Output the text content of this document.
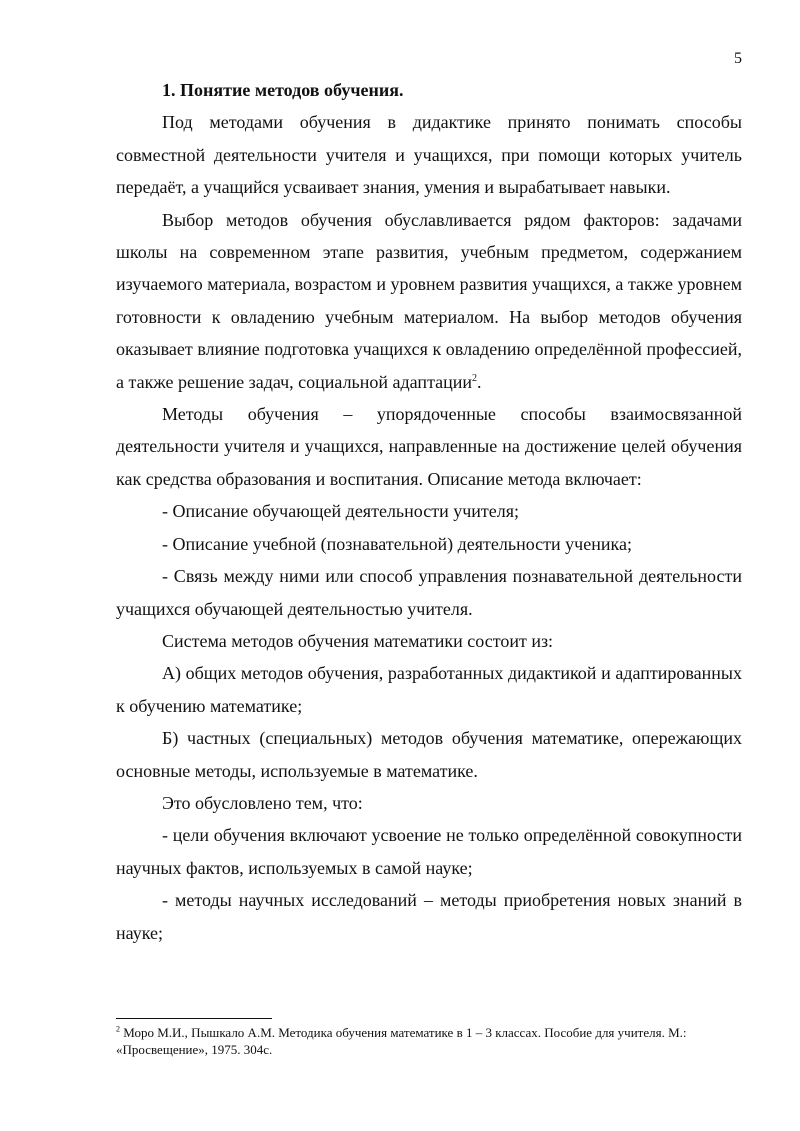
5

1. Понятие методов обучения.

Под методами обучения в дидактике принято понимать способы совместной деятельности учителя и учащихся, при помощи которых учитель передаёт, а учащийся усваивает знания, умения и вырабатывает навыки.

Выбор методов обучения обуславливается рядом факторов: задачами школы на современном этапе развития, учебным предметом, содержанием изучаемого материала, возрастом и уровнем развития учащихся, а также уровнем готовности к овладению учебным материалом. На выбор методов обучения оказывает влияние подготовка учащихся к овладению определённой профессией, а также решение задач, социальной адаптации$^2$.

Методы обучения – упорядоченные способы взаимосвязанной деятельности учителя и учащихся, направленные на достижение целей обучения как средства образования и воспитания. Описание метода включает:

- Описание обучающей деятельности учителя;

- Описание учебной (познавательной) деятельности ученика;

- Связь между ними или способ управления познавательной деятельности учащихся обучающей деятельностью учителя.

Система методов обучения математики состоит из:

А) общих методов обучения, разработанных дидактикой и адаптированных к обучению математике;

Б) частных (специальных) методов обучения математике, опережающих основные методы, используемые в математике.

Это обусловлено тем, что:

- цели обучения включают усвоение не только определённой совокупности научных фактов, используемых в самой науке;

- методы научных исследований – методы приобретения новых знаний в науке;

$^2$ Моро М.И., Пышкало А.М. Методика обучения математике в 1 – 3 классах. Пособие для учителя. М.: «Просвещение», 1975. 304с.
